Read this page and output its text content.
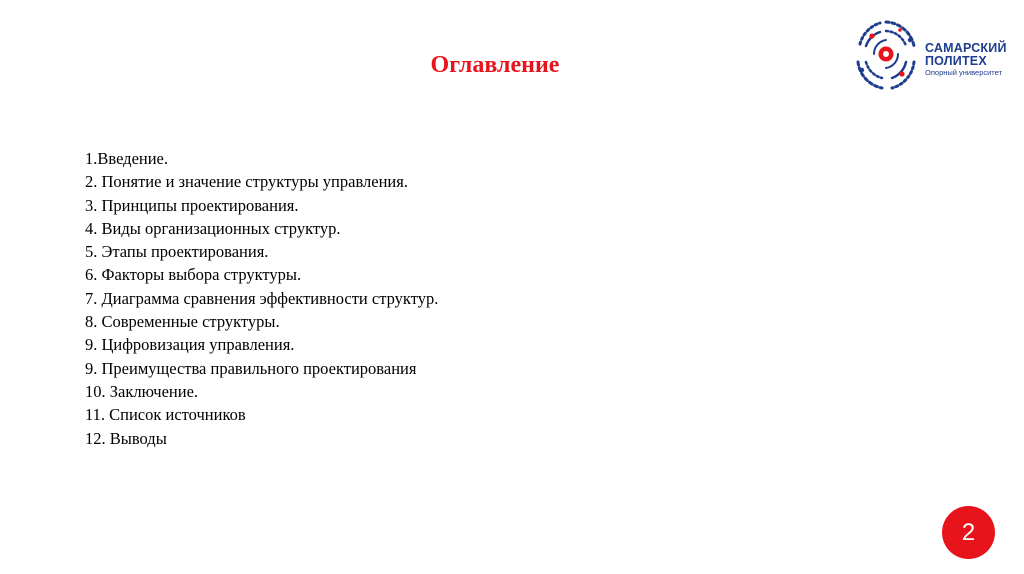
САМАРСКИЙ
ПОЛИТЕХ
Опорный университет
Оглавление
1.Введение.
2. Понятие и значение структуры управления.
3. Принципы проектирования.
4. Виды организационных структур.
5. Этапы проектирования.
6. Факторы выбора структуры.
7. Диаграмма сравнения эффективности структур.
8. Современные структуры.
9. Цифровизация управления.
9. Преимущества правильного проектирования
10. Заключение.
11. Список источников
12. Выводы
2
